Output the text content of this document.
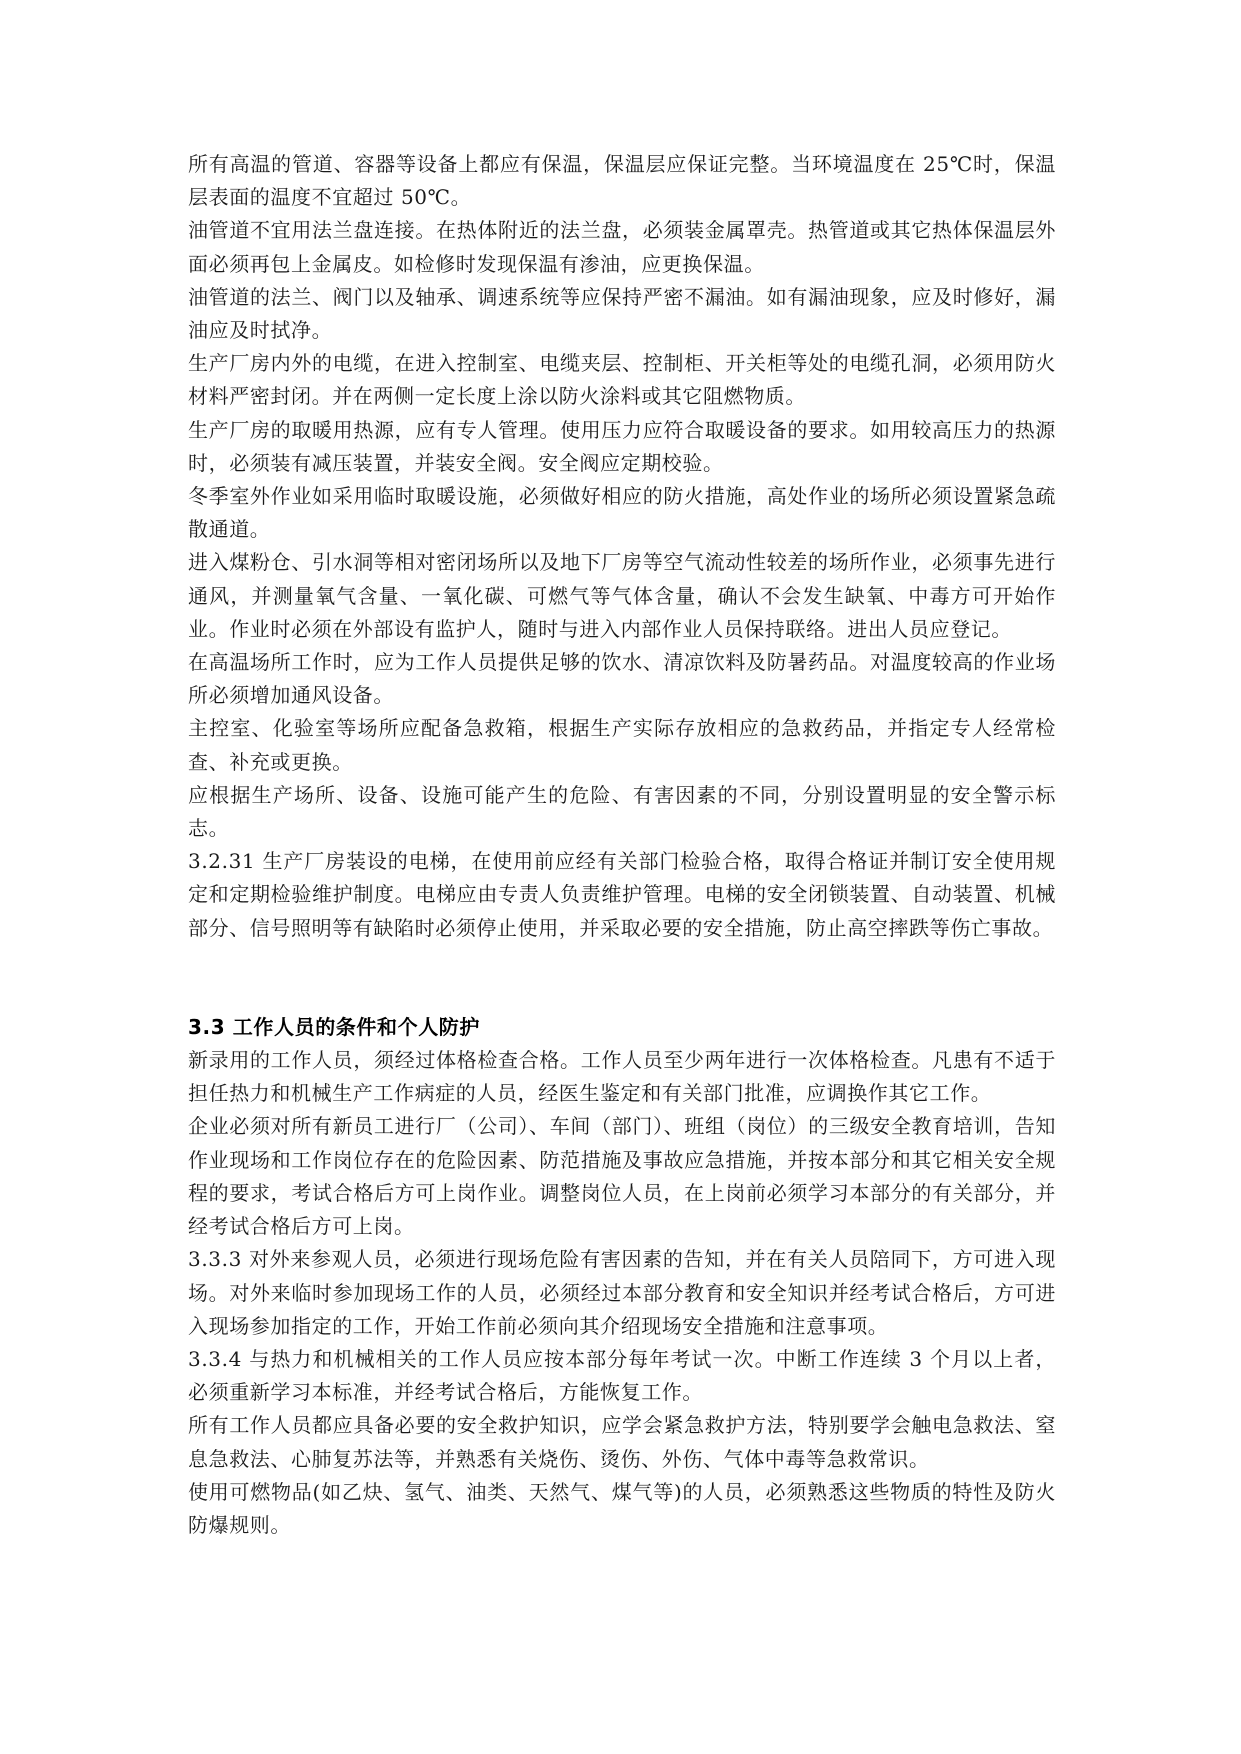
所有高温的管道、容器等设备上都应有保温，保温层应保证完整。当环境温度在 25℃时，保温层表面的温度不宜超过 50℃。

油管道不宜用法兰盘连接。在热体附近的法兰盘，必须装金属罩壳。热管道或其它热体保温层外面必须再包上金属皮。如检修时发现保温有渗油，应更换保温。

油管道的法兰、阀门以及轴承、调速系统等应保持严密不漏油。如有漏油现象，应及时修好，漏油应及时拭净。

生产厂房内外的电缆，在进入控制室、电缆夹层、控制柜、开关柜等处的电缆孔洞，必须用防火材料严密封闭。并在两侧一定长度上涂以防火涂料或其它阻燃物质。

生产厂房的取暖用热源，应有专人管理。使用压力应符合取暖设备的要求。如用较高压力的热源时，必须装有减压装置，并装安全阀。安全阀应定期校验。

冬季室外作业如采用临时取暖设施，必须做好相应的防火措施，高处作业的场所必须设置紧急疏散通道。

进入煤粉仓、引水洞等相对密闭场所以及地下厂房等空气流动性较差的场所作业，必须事先进行通风，并测量氧气含量、一氧化碳、可燃气等气体含量，确认不会发生缺氧、中毒方可开始作业。作业时必须在外部设有监护人，随时与进入内部作业人员保持联络。进出人员应登记。

在高温场所工作时，应为工作人员提供足够的饮水、清凉饮料及防暑药品。对温度较高的作业场所必须增加通风设备。

主控室、化验室等场所应配备急救箱，根据生产实际存放相应的急救药品，并指定专人经常检查、补充或更换。

应根据生产场所、设备、设施可能产生的危险、有害因素的不同，分别设置明显的安全警示标志。

3.2.31 生产厂房装设的电梯，在使用前应经有关部门检验合格，取得合格证并制订安全使用规定和定期检验维护制度。电梯应由专责人负责维护管理。电梯的安全闭锁装置、自动装置、机械部分、信号照明等有缺陷时必须停止使用，并采取必要的安全措施，防止高空摔跌等伤亡事故。

3.3 工作人员的条件和个人防护

新录用的工作人员，须经过体格检查合格。工作人员至少两年进行一次体格检查。凡患有不适于担任热力和机械生产工作病症的人员，经医生鉴定和有关部门批准，应调换作其它工作。

企业必须对所有新员工进行厂（公司）、车间（部门）、班组（岗位）的三级安全教育培训，告知作业现场和工作岗位存在的危险因素、防范措施及事故应急措施，并按本部分和其它相关安全规程的要求，考试合格后方可上岗作业。调整岗位人员，在上岗前必须学习本部分的有关部分，并经考试合格后方可上岗。

3.3.3 对外来参观人员，必须进行现场危险有害因素的告知，并在有关人员陪同下，方可进入现场。对外来临时参加现场工作的人员，必须经过本部分教育和安全知识并经考试合格后，方可进入现场参加指定的工作，开始工作前必须向其介绍现场安全措施和注意事项。

3.3.4 与热力和机械相关的工作人员应按本部分每年考试一次。中断工作连续 3 个月以上者，必须重新学习本标准，并经考试合格后，方能恢复工作。

所有工作人员都应具备必要的安全救护知识，应学会紧急救护方法，特别要学会触电急救法、窒息急救法、心肺复苏法等，并熟悉有关烧伤、烫伤、外伤、气体中毒等急救常识。

使用可燃物品(如乙炔、氢气、油类、天然气、煤气等)的人员，必须熟悉这些物质的特性及防火防爆规则。
